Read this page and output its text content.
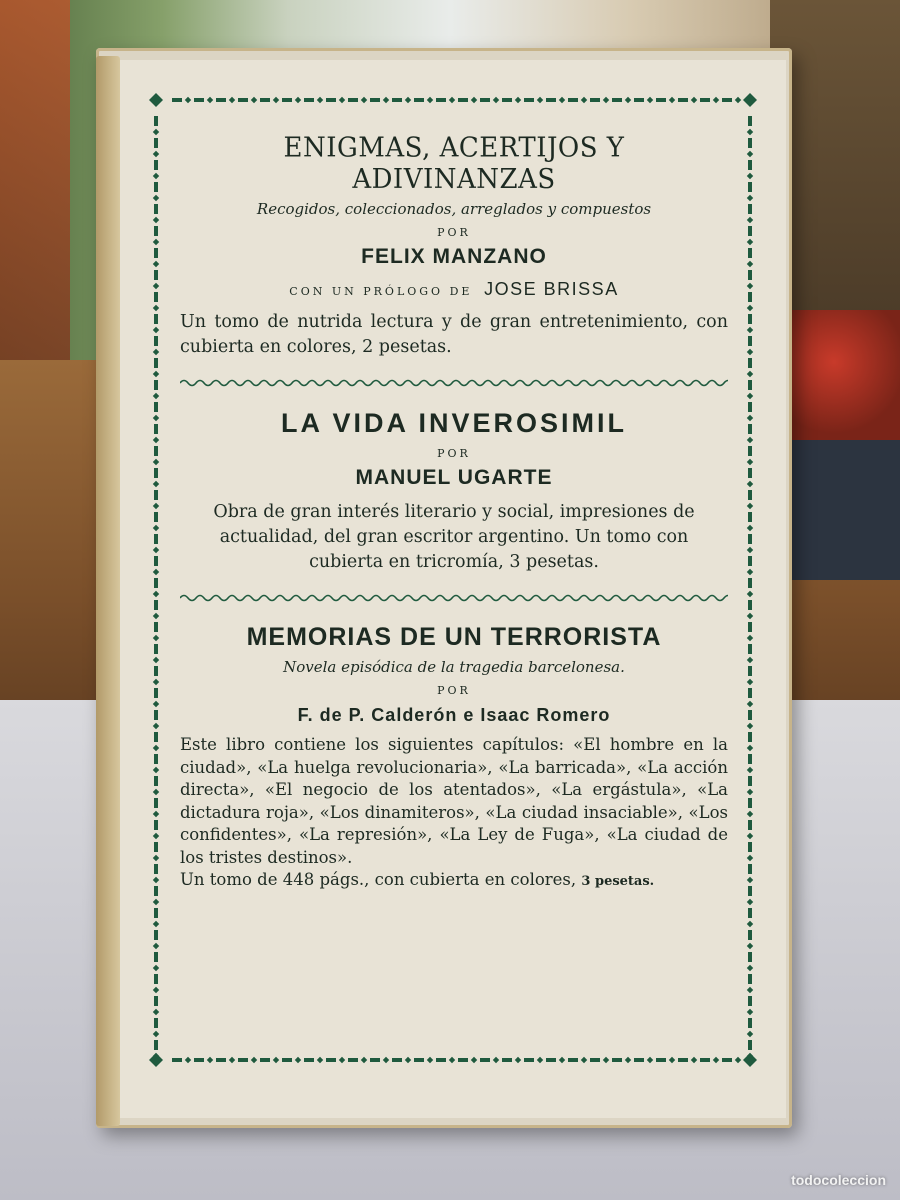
ENIGMAS, ACERTIJOS Y ADIVINANZAS
Recogidos, coleccionados, arreglados y compuestos
POR
FELIX MANZANO
CON UN PRÓLOGO DE JOSE BRISSA
Un tomo de nutrida lectura y de gran entretenimiento, con cubierta en colores, 2 pesetas.
LA VIDA INVEROSIMIL
POR
MANUEL UGARTE
Obra de gran interés literario y social, impresiones de actualidad, del gran escritor argentino. Un tomo con cubierta en tricromía, 3 pesetas.
MEMORIAS DE UN TERRORISTA
Novela episódica de la tragedia barcelonesa.
POR
F. de P. Calderón e Isaac Romero
Este libro contiene los siguientes capítulos: «El hombre en la ciudad», «La huelga revolucionaria», «La barricada», «La acción directa», «El negocio de los atentados», «La ergástula», «La dictadura roja», «Los dinamiteros», «La ciudad insaciable», «Los confidentes», «La represión», «La Ley de Fuga», «La ciudad de los tristes destinos».
Un tomo de 448 págs., con cubierta en colores, 3 pesetas.
todocoleccion
